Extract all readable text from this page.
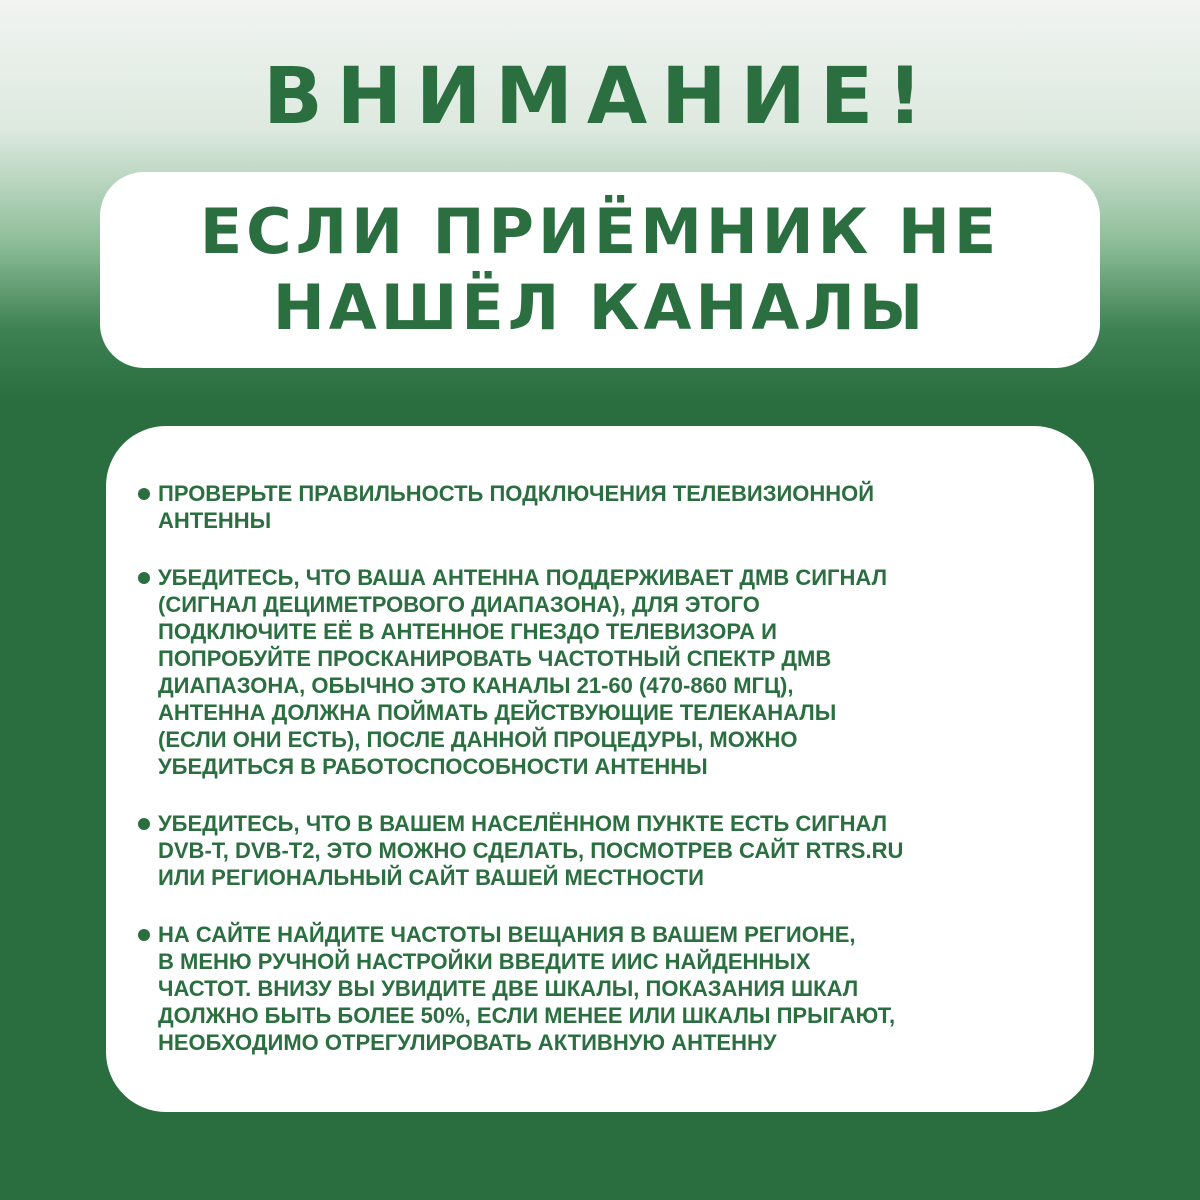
ВНИМАНИЕ!
ЕСЛИ ПРИЁМНИК НЕ
НАШЁЛ КАНАЛЫ
ПРОВЕРЬТЕ ПРАВИЛЬНОСТЬ ПОДКЛЮЧЕНИЯ ТЕЛЕВИЗИОННОЙ
АНТЕННЫ
УБЕДИТЕСЬ, ЧТО ВАША АНТЕННА ПОДДЕРЖИВАЕТ ДМВ СИГНАЛ
(СИГНАЛ ДЕЦИМЕТРОВОГО ДИАПАЗОНА), ДЛЯ ЭТОГО
ПОДКЛЮЧИТЕ ЕЁ В АНТЕННОЕ ГНЕЗДО ТЕЛЕВИЗОРА И
ПОПРОБУЙТЕ ПРОСКАНИРОВАТЬ ЧАСТОТНЫЙ СПЕКТР ДМВ
ДИАПАЗОНА, ОБЫЧНО ЭТО КАНАЛЫ 21-60 (470-860 МГЦ),
АНТЕННА ДОЛЖНА ПОЙМАТЬ ДЕЙСТВУЮЩИЕ ТЕЛЕКАНАЛЫ
(ЕСЛИ ОНИ ЕСТЬ), ПОСЛЕ ДАННОЙ ПРОЦЕДУРЫ, МОЖНО
УБЕДИТЬСЯ В РАБОТОСПОСОБНОСТИ АНТЕННЫ
УБЕДИТЕСЬ, ЧТО В ВАШЕМ НАСЕЛЁННОМ ПУНКТЕ ЕСТЬ СИГНАЛ
DVB-T, DVB-T2, ЭТО МОЖНО СДЕЛАТЬ, ПОСМОТРЕВ САЙТ RTRS.RU
ИЛИ РЕГИОНАЛЬНЫЙ САЙТ ВАШЕЙ МЕСТНОСТИ
НА САЙТЕ НАЙДИТЕ ЧАСТОТЫ ВЕЩАНИЯ В ВАШЕМ РЕГИОНЕ,
В МЕНЮ РУЧНОЙ НАСТРОЙКИ ВВЕДИТЕ ИИС НАЙДЕННЫХ
ЧАСТОТ. ВНИЗУ ВЫ УВИДИТЕ ДВЕ ШКАЛЫ, ПОКАЗАНИЯ ШКАЛ
ДОЛЖНО БЫТЬ БОЛЕЕ 50%, ЕСЛИ МЕНЕЕ ИЛИ ШКАЛЫ ПРЫГАЮТ,
НЕОБХОДИМО ОТРЕГУЛИРОВАТЬ АКТИВНУЮ АНТЕННУ
